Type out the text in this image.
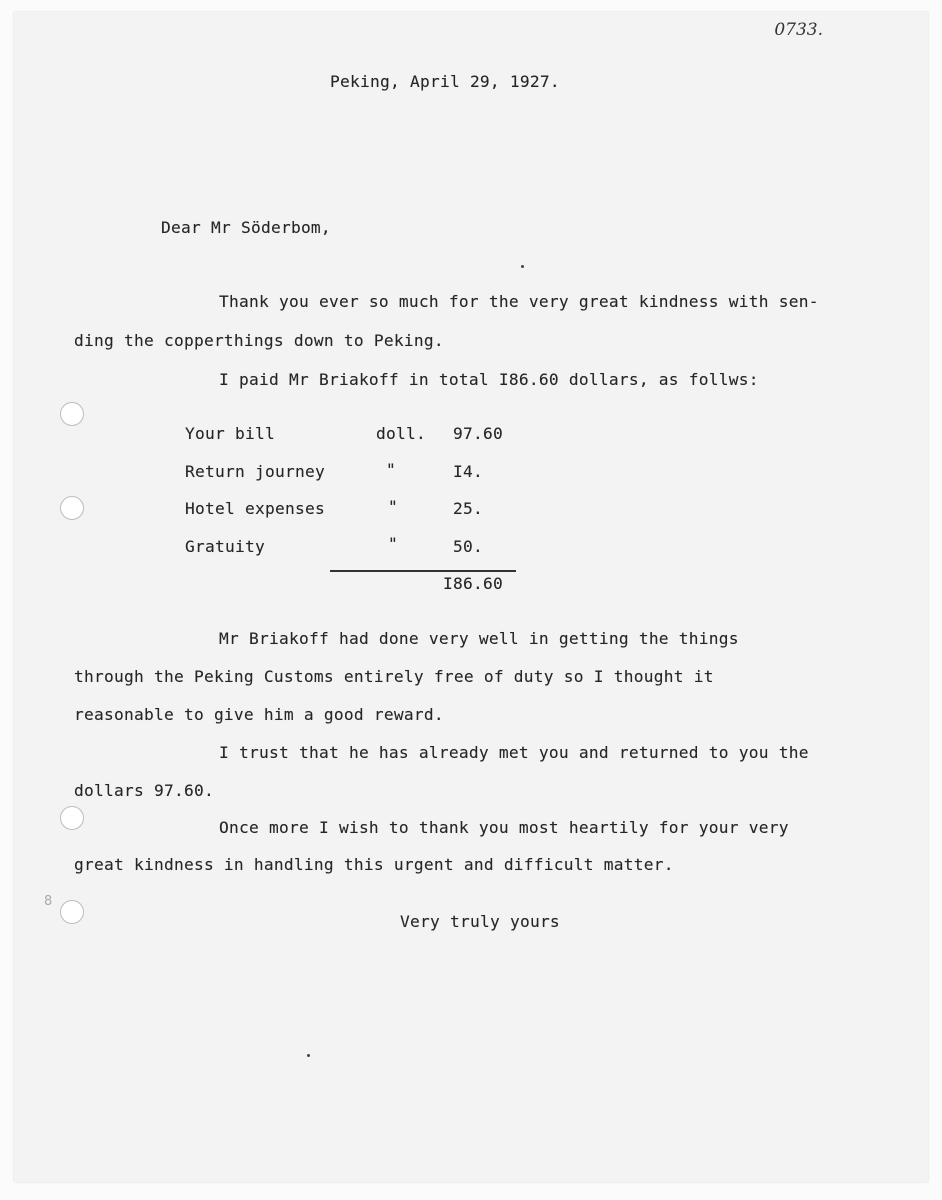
0733.
Peking, April 29, 1927.
Dear Mr Söderbom,
Thank you ever so much for the very great kindness with sen-
ding the copperthings down to Peking.
I paid Mr Briakoff in total I86.60 dollars, as follws:
Your bill	doll. 97.60
Return journey	"	I4.
Hotel expenses	"	25.
Gratuity	"	50.
I86.60
Mr Briakoff had done very well in getting the things
through the Peking Customs entirely free of duty so I thought it
reasonable to give him a good reward.
I trust that he has already met you and returned to you the
dollars 97.60.
Once more I wish to thank you most heartily for your very
great kindness in handling this urgent and difficult matter.
Very truly yours
8
